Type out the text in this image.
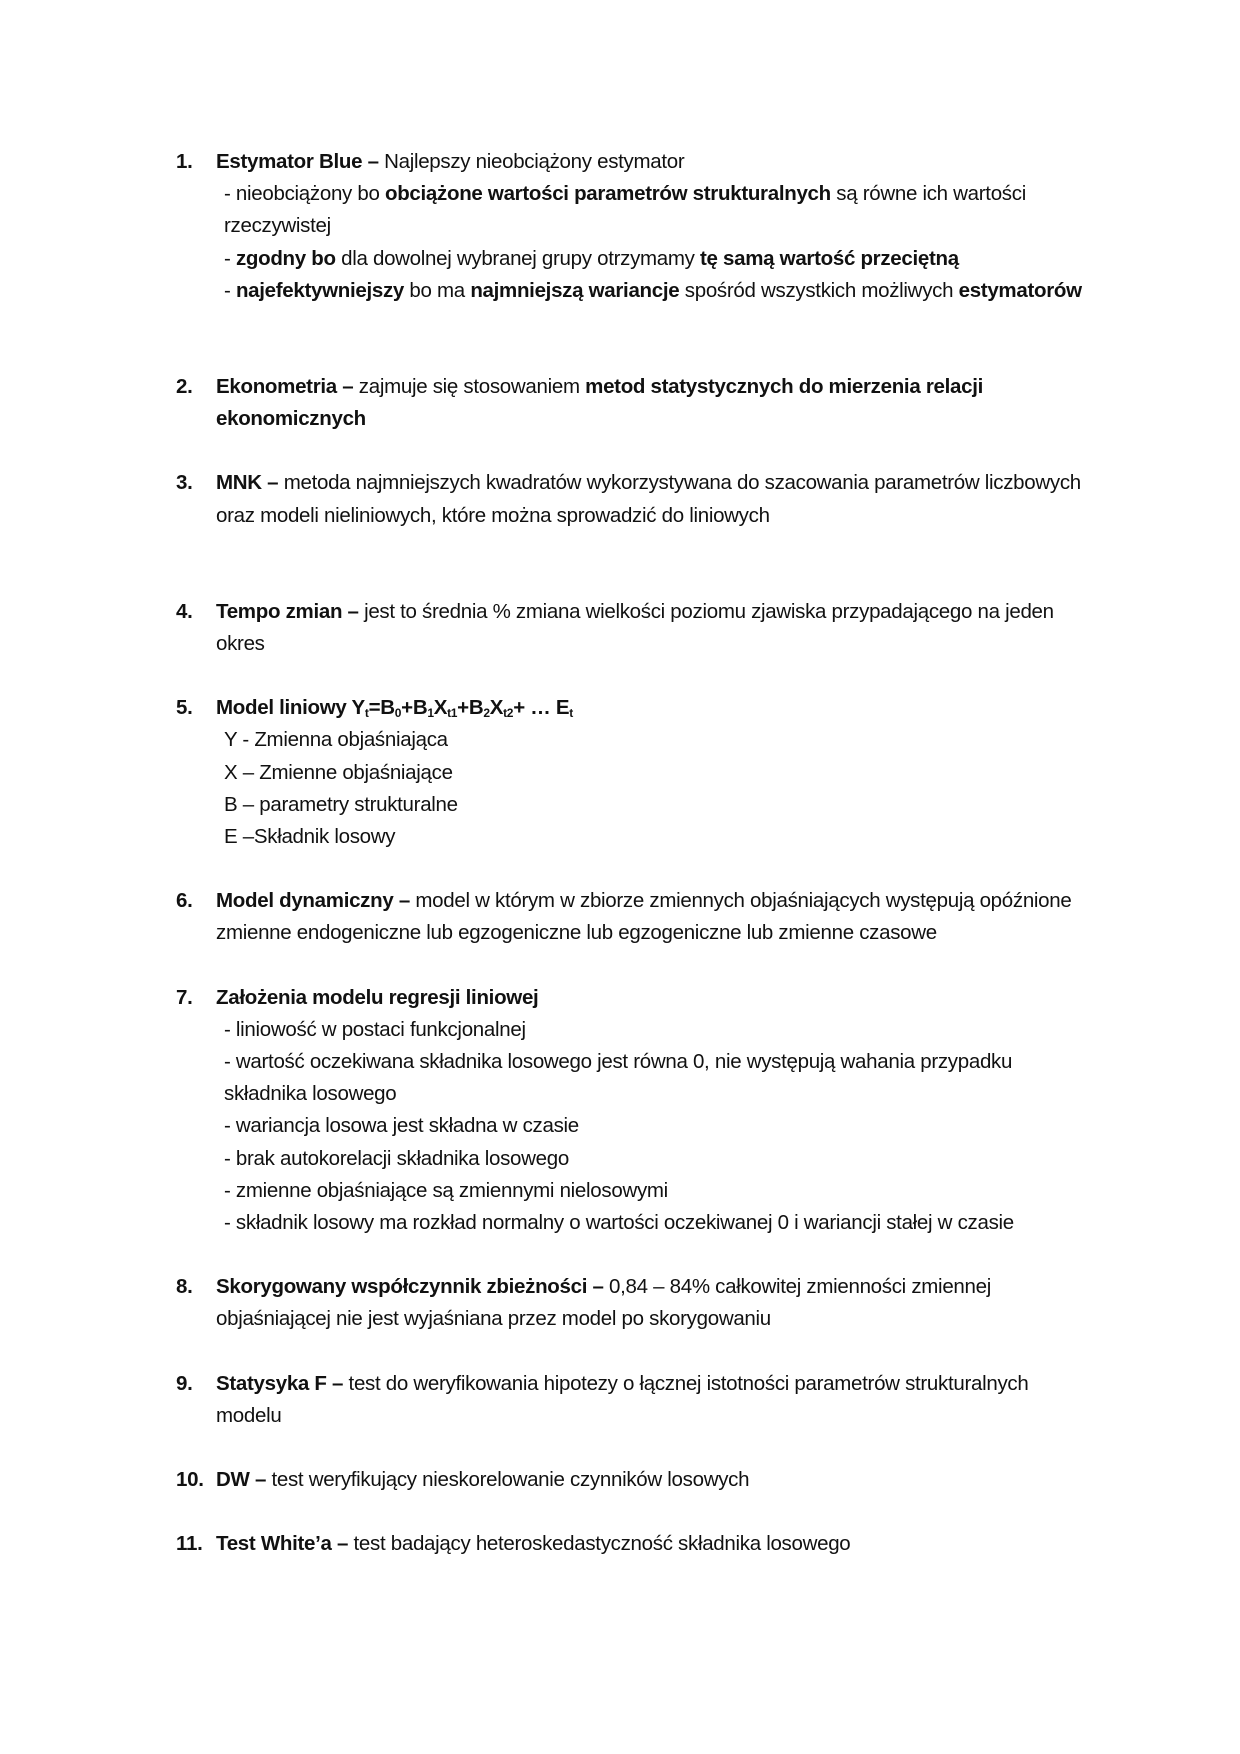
1.	Estymator Blue – Najlepszy nieobciążony estymator
- nieobciążony bo obciążone wartości parametrów strukturalnych są równe ich wartości rzeczywistej
- zgodny bo dla dowolnej wybranej grupy otrzymamy tę samą wartość przeciętną
- najefektywniejszy bo ma najmniejszą wariancje spośród wszystkich możliwych estymatorów
2.	Ekonometria – zajmuje się stosowaniem metod statystycznych do mierzenia relacji ekonomicznych
3.	MNK – metoda najmniejszych kwadratów wykorzystywana do szacowania parametrów liczbowych oraz modeli nieliniowych, które można sprowadzić do liniowych
4.	Tempo zmian – jest to średnia % zmiana wielkości poziomu zjawiska przypadającego na jeden okres
5.	Model liniowy $Y_t=B_0+B_1X_{t1}+B_2X_{t2}+$ … $E_t$
Y - Zmienna objaśniająca
X – Zmienne objaśniające
B – parametry strukturalne
E –Składnik losowy
6.	Model dynamiczny – model w którym w zbiorze zmiennych objaśniających występują opóźnione zmienne endogeniczne lub egzogeniczne lub egzogeniczne lub zmienne czasowe
7.	Założenia modelu regresji liniowej
- liniowość w postaci funkcjonalnej
- wartość oczekiwana składnika losowego jest równa 0, nie występują wahania przypadku składnika losowego
- wariancja losowa jest składna w czasie
- brak autokorelacji składnika losowego
- zmienne objaśniające są zmiennymi nielosowymi
- składnik losowy ma rozkład normalny o wartości oczekiwanej 0 i wariancji stałej w czasie
8.	Skorygowany współczynnik zbieżności – 0,84 – 84% całkowitej zmienności zmiennej objaśniającej nie jest wyjaśniana przez model po skorygowaniu
9.	Statysyka F – test do weryfikowania hipotezy o łącznej istotności parametrów strukturalnych modelu
10. DW – test weryfikujący nieskorelowanie czynników losowych
11. Test White’a – test badający heteroskedastyczność składnika losowego
